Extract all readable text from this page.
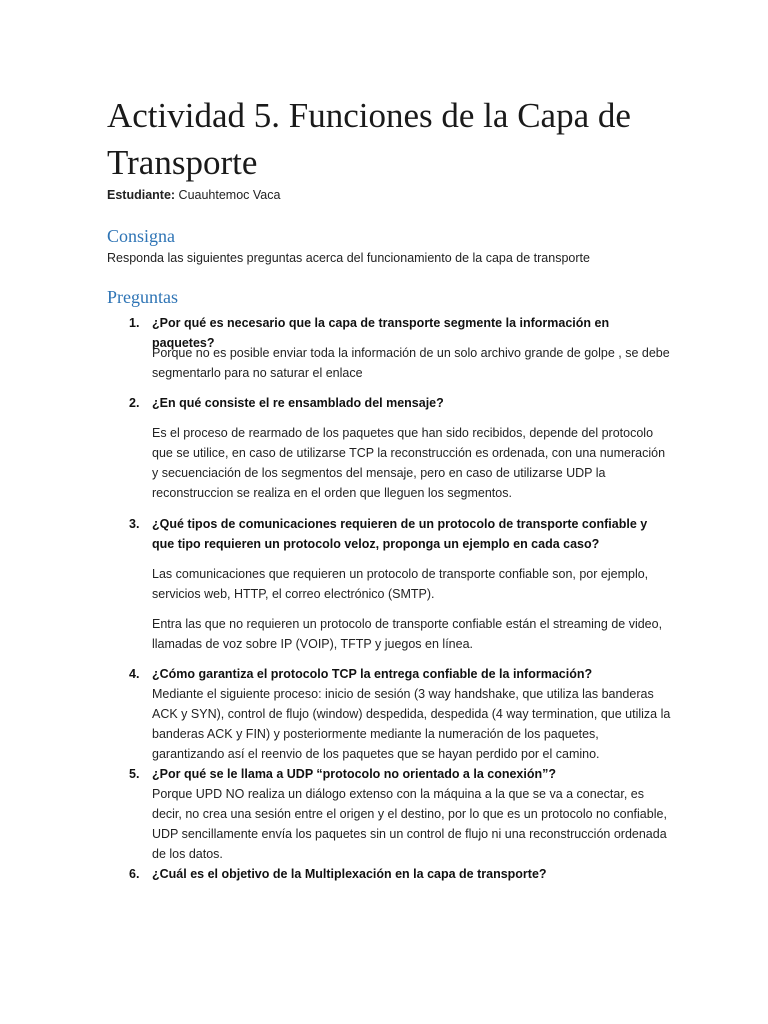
Actividad 5. Funciones de la Capa de Transporte
Estudiante: Cuauhtemoc Vaca
Consigna
Responda las siguientes preguntas acerca del funcionamiento de la capa de transporte
Preguntas
1.	¿Por qué es necesario que la capa de transporte segmente la información en paquetes?
Porque no es posible enviar toda la información de un solo archivo grande de golpe , se debe segmentarlo para no saturar el enlace
2.	¿En qué consiste el re ensamblado del mensaje?
Es el proceso de rearmado de los paquetes que han sido recibidos, depende del protocolo que se utilice, en caso de utilizarse TCP la reconstrucción es ordenada, con una numeración y secuenciación de los segmentos del mensaje, pero en caso de utilizarse UDP la reconstruccion se realiza en el orden que lleguen los segmentos.
3.	¿Qué tipos de comunicaciones requieren de un protocolo de transporte confiable y que tipo requieren un protocolo veloz, proponga un ejemplo en cada caso?
Las comunicaciones que requieren un protocolo de transporte confiable son, por ejemplo, servicios web, HTTP, el correo electrónico (SMTP).
Entra las que no requieren un protocolo de transporte confiable están el streaming de video, llamadas de voz sobre IP (VOIP), TFTP y juegos en línea.
4.	¿Cómo garantiza el protocolo TCP la entrega confiable de la información?
Mediante el siguiente proceso: inicio de sesión (3 way handshake, que utiliza las banderas ACK y SYN), control de flujo (window) despedida, despedida (4 way termination, que utiliza la banderas ACK y FIN) y posteriormente mediante la numeración de los paquetes, garantizando así el reenvio de los paquetes que se hayan perdido por el camino.
5.	¿Por qué se le llama a UDP “protocolo no orientado a la conexión”?
Porque UPD NO realiza un diálogo extenso con la máquina a la que se va a conectar, es decir, no crea una sesión entre el origen y el destino, por lo que es un protocolo no confiable, UDP sencillamente envía los paquetes sin un control de flujo ni una reconstrucción ordenada de los datos.
6.	¿Cuál es el objetivo de la Multiplexación en la capa de transporte?
